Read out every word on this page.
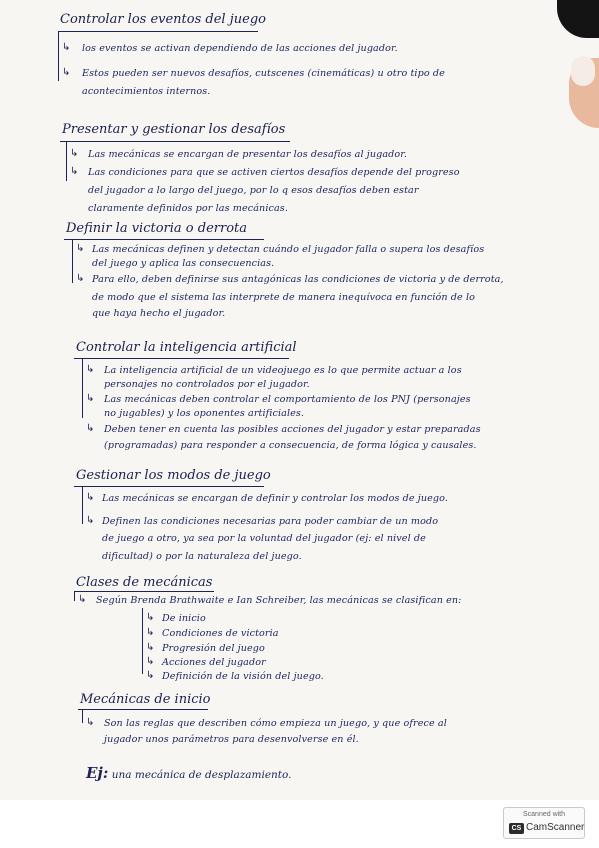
Controlar los eventos del juego
↳ los eventos se activan dependiendo de las acciones del jugador.
↳ Estos pueden ser nuevos desafíos, cutscenes (cinemáticas) u otro tipo de
acontecimientos internos.
Presentar y gestionar los desafíos
↳ Las mecánicas se encargan de presentar los desafíos al jugador.
↳ Las condiciones para que se activen ciertos desafíos depende del progreso
del jugador a lo largo del juego, por lo q esos desafíos deben estar
claramente definidos por las mecánicas.
Definir la victoria o derrota
↳ Las mecánicas definen y detectan cuándo el jugador falla o supera los desafíos
del juego y aplica las consecuencias.
↳ Para ello, deben definirse sus antagónicas las condiciones de victoria y de derrota,
de modo que el sistema las interprete de manera inequívoca en función de lo
que haya hecho el jugador.
Controlar la inteligencia artificial
↳ La inteligencia artificial de un videojuego es lo que permite actuar a los
personajes no controlados por el jugador.
↳ Las mecánicas deben controlar el comportamiento de los PNJ (personajes
no jugables) y los oponentes artificiales.
↳ Deben tener en cuenta las posibles acciones del jugador y estar preparadas
(programadas) para responder a consecuencia, de forma lógica y causales.
Gestionar los modos de juego
↳ Las mecánicas se encargan de definir y controlar los modos de juego.
↳ Definen las condiciones necesarias para poder cambiar de un modo
de juego a otro, ya sea por la voluntad del jugador (ej: el nivel de
dificultad) o por la naturaleza del juego.
Clases de mecánicas
↳ Según Brenda Brathwaite e Ian Schreiber, las mecánicas se clasifican en:
↳ De inicio
↳ Condiciones de victoria
↳ Progresión del juego
↳ Acciones del jugador
↳ Definición de la visión del juego.
Mecánicas de inicio
↳ Son las reglas que describen cómo empieza un juego, y que ofrece al
jugador unos parámetros para desenvolverse en él.
Ej: una mecánica de desplazamiento.
Scanned with
CS CamScanner
